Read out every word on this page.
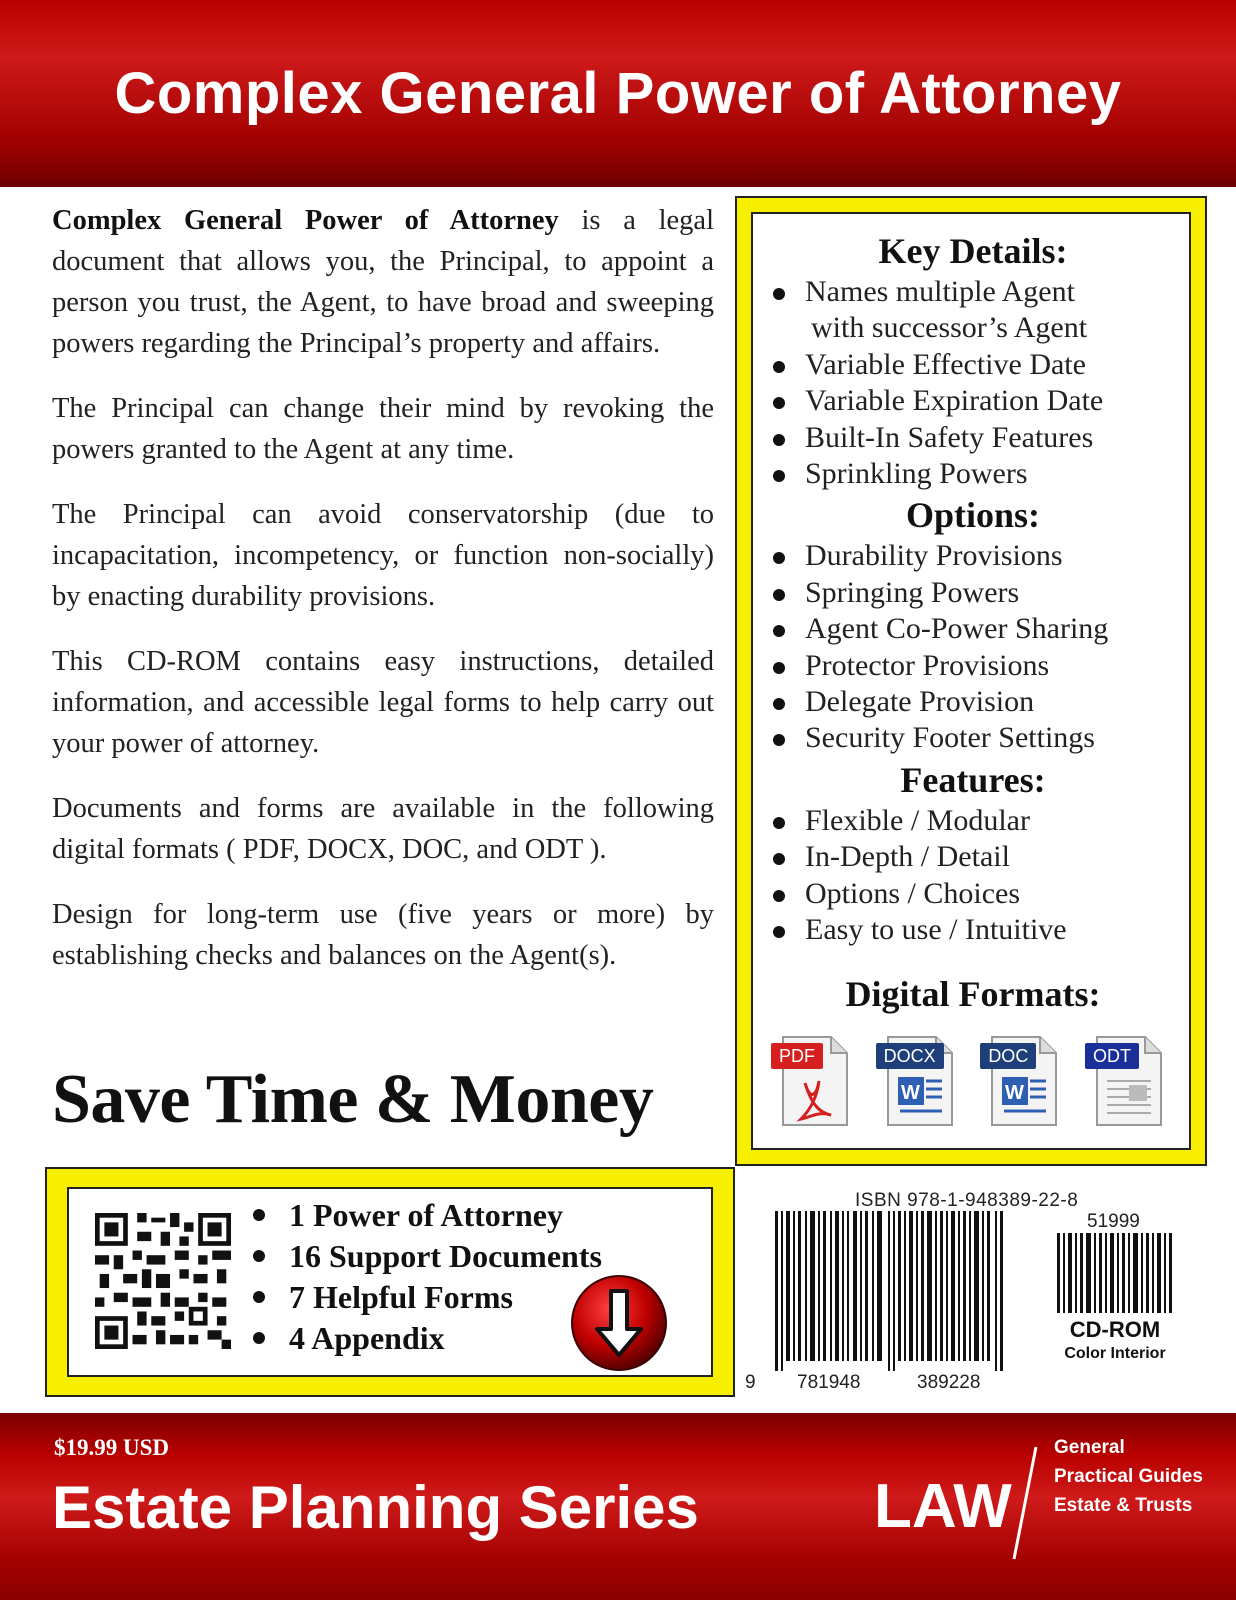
Complex General Power of Attorney

Complex General Power of Attorney is a legal document that allows you, the Principal, to appoint a person you trust, the Agent, to have broad and sweeping powers regarding the Principal’s property and affairs.

The Principal can change their mind by revoking the powers granted to the Agent at any time.

The Principal can avoid conservatorship (due to incapacitation, incompetency, or function non-socially) by enacting durability provisions.

This CD-ROM contains easy instructions, detailed information, and accessible legal forms to help carry out your power of attorney.

Documents and forms are available in the following digital formats ( PDF, DOCX, DOC, and ODT ).

Design for long-term use (five years or more) by establishing checks and balances on the Agent(s).

Save Time & Money
Key Details:
Names multiple Agent
with successor’s Agent
Variable Effective Date
Variable Expiration Date
Built-In Safety Features
Sprinkling Powers
Options:
Durability Provisions
Springing Powers
Agent Co-Power Sharing
Protector Provisions
Delegate Provision
Security Footer Settings
Features:
Flexible / Modular
In-Depth / Detail
Options / Choices
Easy to use / Intuitive
Digital Formats:
PDF
W
DOCX
W
DOC	ODT
1 Power of Attorney
16 Support Documents
7 Helpful Forms
4 Appendix
ISBN 978-1-948389-22-8
51999
9 781948	389228
CD-ROM
Color Interior
$19.99 USD
Estate Planning Series	LAW
General
Practical Guides
Estate & Trusts
